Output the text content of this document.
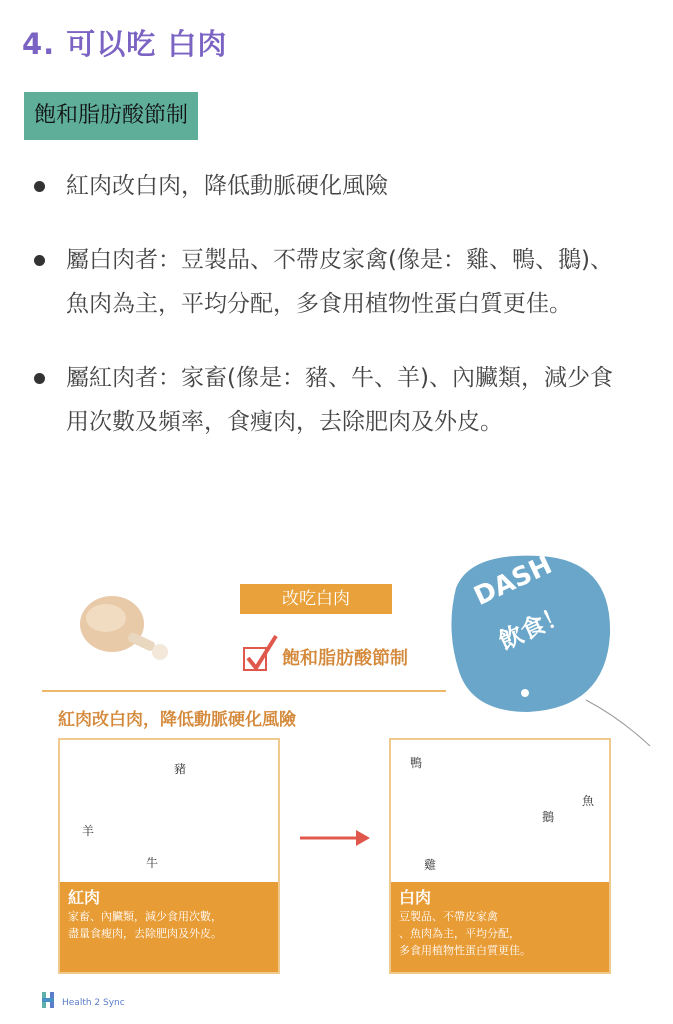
4. 可以吃 白肉
飽和脂肪酸節制
紅肉改白肉，降低動脈硬化風險
屬白肉者：豆製品、不帶皮家禽(像是：雞、鴨、鵝)、魚肉為主，平均分配，多食用植物性蛋白質更佳。
屬紅肉者：家畜(像是：豬、牛、羊)、內臟類，減少食用次數及頻率，食瘦肉，去除肥肉及外皮。
改吃白肉
飽和脂肪酸節制
DASH
飲食！
紅肉改白肉，降低動脈硬化風險
紅肉
家畜、內臟類，減少食用次數，
盡量食瘦肉，去除肥肉及外皮。
豬
羊
牛
白肉
豆製品、不帶皮家禽
、魚肉為主，平均分配，
多食用植物性蛋白質更佳。
鴨
魚
鵝
雞
Health 2 Sync
